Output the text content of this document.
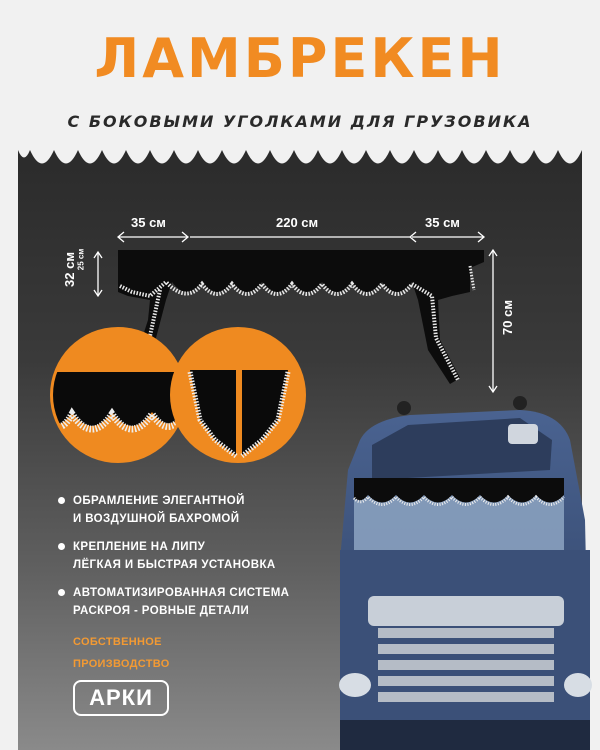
ЛАМБРЕКЕН
С БОКОВЫМИ УГОЛКАМИ ДЛЯ ГРУЗОВИКА
35 см	220 см	35 см
32 см 25 см
70 см
ОБРАМЛЕНИЕ ЭЛЕГАНТНОЙ
И ВОЗДУШНОЙ БАХРОМОЙ
КРЕПЛЕНИЕ НА ЛИПУ
ЛЁГКАЯ И БЫСТРАЯ УСТАНОВКА
АВТОМАТИЗИРОВАННАЯ СИСТЕМА
РАСКРОЯ - РОВНЫЕ ДЕТАЛИ
СОБСТВЕННОЕ
ПРОИЗВОДСТВО
АРКИ
